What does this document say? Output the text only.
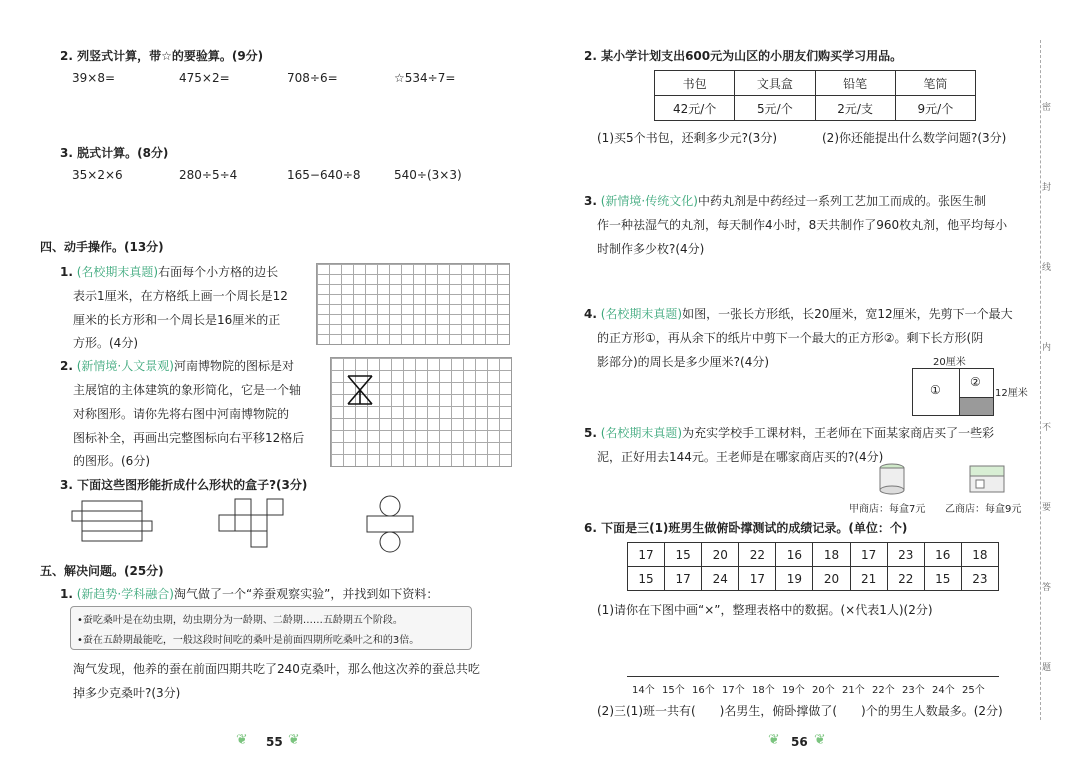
2. 列竖式计算，带☆的要验算。(9分)
39×8=	475×2=	708÷6=	☆534÷7=
3. 脱式计算。(8分)
35×2×6	280÷5÷4	165−640÷8	540÷(3×3)
四、动手操作。(13分)
1. (名校期末真题)右面每个小方格的边长
表示1厘米，在方格纸上画一个周长是12
厘米的长方形和一个周长是16厘米的正
方形。(4分)
2. (新情境·人文景观)河南博物院的图标是对
主展馆的主体建筑的象形简化，它是一个轴
对称图形。请你先将右图中河南博物院的
图标补全，再画出完整图标向右平移12格后
的图形。(6分)
3. 下面这些图形能折成什么形状的盒子?(3分)
五、解决问题。(25分)
1. (新趋势·学科融合)淘气做了一个“养蚕观察实验”，并找到如下资料：
•蚕吃桑叶是在幼虫期，幼虫期分为一龄期、二龄期……五龄期五个阶段。
•蚕在五龄期最能吃，一般这段时间吃的桑叶是前面四期所吃桑叶之和的3倍。
淘气发现，他养的蚕在前面四期共吃了240克桑叶，那么他这次养的蚕总共吃
掉多少克桑叶?(3分)
❦ 55 ❦
2. 某小学计划支出600元为山区的小朋友们购买学习用品。
书包	文具盒	铅笔	笔筒
42元/个	5元/个	2元/支	9元/个
(1)买5个书包，还剩多少元?(3分)	(2)你还能提出什么数学问题?(3分)
3. (新情境·传统文化)中药丸剂是中药经过一系列工艺加工而成的。张医生制
作一种祛湿气的丸剂，每天制作4小时，8天共制作了960枚丸剂，他平均每小
时制作多少枚?(4分)
4. (名校期末真题)如图，一张长方形纸，长20厘米，宽12厘米，先剪下一个最大
的正方形①，再从余下的纸片中剪下一个最大的正方形②。剩下长方形(阴
影部分)的周长是多少厘米?(4分)	20厘米
①
②
12厘米
5. (名校期末真题)为充实学校手工课材料，王老师在下面某家商店买了一些彩
泥，正好用去144元。王老师是在哪家商店买的?(4分)
甲商店：每盒7元 乙商店：每盒9元
6. 下面是三(1)班男生做俯卧撑测试的成绩记录。(单位：个)
17	15	20	22	16	18	17	23	16	18
15	17	24	17	19	20	21	22	15	23
(1)请你在下图中画“×”，整理表格中的数据。(×代表1人)(2分)
14个 15个 16个 17个 18个 19个 20个 21个 22个 23个 24个 25个
(2)三(1)班一共有(　　)名男生，俯卧撑做了(　　)个的男生人数最多。(2分)
❦ 56 ❦
密
封
线
内
不
要
答
题
